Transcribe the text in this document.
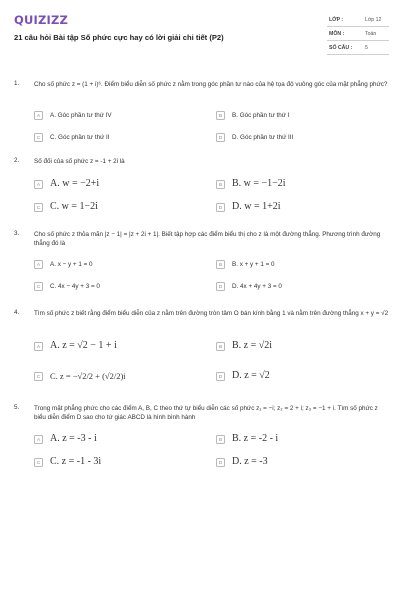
QUIZIZZ
21 câu hỏi Bài tập Số phức cực hay có lời giải chi tiết (P2)
LỚP :	Lớp 12
MÔN :	Toán
SỐ CÂU : 5
1. Cho số phức z = (1 + i)⁶. Điểm biểu diễn số phức z nằm trong góc phần tư nào của hệ tọa độ vuông góc của mặt phẳng phức?
A	A. Góc phần tư thứ IV	B	B. Góc phần tư thứ I
C	C. Góc phần tư thứ II	D	D. Góc phần tư thứ III
2. Số đối của số phức z = -1 + 2i là
A A. w = −2+i	B B. w = −1−2i
C C. w = 1−2i	D D. w = 1+2i
3. Cho số phức z thỏa mãn |z − 1| = |z + 2i + 1|. Biết tập hợp các điểm biểu thị cho z là một đường thẳng. Phương trình đường thẳng đó là
A	A. x − y + 1 = 0	B	B. x + y + 1 = 0
C	C. 4x − 4y + 3 = 0	D	D. 4x + 4y + 3 = 0
4. Tìm số phức z biết rằng điểm biểu diễn của z nằm trên đường tròn tâm O bán kính bằng 1 và nằm trên đường thẳng x + y = √2
A A. z = √2 − 1 + i	B B. z = √2i
C	C. z = −√2/2 + (√2/2)i	D D. z = √2
5. Trong mặt phẳng phức cho các điểm A, B, C theo thứ tự biểu diễn các số phức z₁ = −i; z₂ = 2 + i; z₃ = −1 + i. Tìm số phức z biểu diễn điểm D sao cho tứ giác ABCD là hình bình hành
A A. z = -3 - i	B B. z = -2 - i
C C. z = -1 - 3i	D D. z = -3
